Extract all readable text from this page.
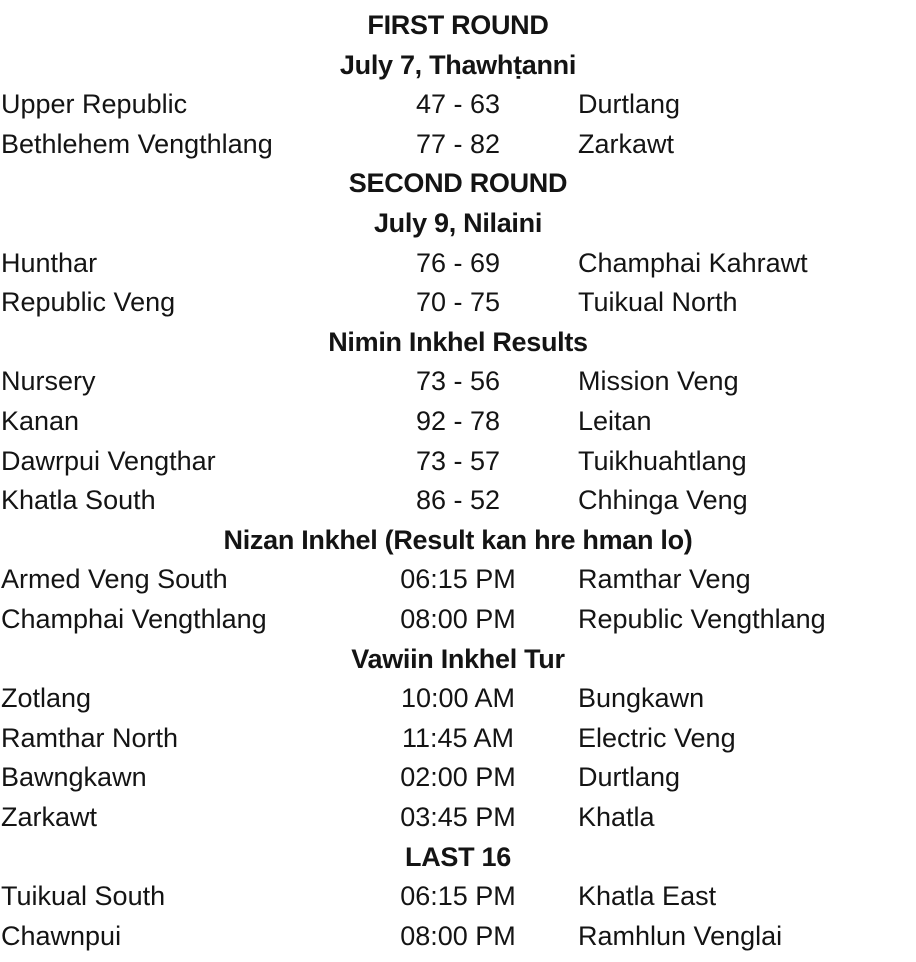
FIRST ROUND
July 7, Thawhṭanni
Upper Republic	47 - 63	Durtlang
Bethlehem Vengthlang	77 - 82	Zarkawt
SECOND ROUND
July 9, Nilaini
Hunthar	76 - 69	Champhai Kahrawt
Republic Veng	70 - 75	Tuikual North
Nimin Inkhel Results
Nursery	73 - 56	Mission Veng
Kanan	92 - 78	Leitan
Dawrpui Vengthar	73 - 57	Tuikhuahtlang
Khatla South	86 - 52	Chhinga Veng
Nizan Inkhel (Result kan hre hman lo)
Armed Veng South	06:15 PM Ramthar Veng
Champhai Vengthlang	08:00 PM Republic Vengthlang
Vawiin Inkhel Tur
Zotlang	10:00 AM Bungkawn
Ramthar North	11:45 AM Electric Veng
Bawngkawn	02:00 PM Durtlang
Zarkawt	03:45 PM Khatla
LAST 16
Tuikual South	06:15 PM Khatla East
Chawnpui	08:00 PM Ramhlun Venglai
